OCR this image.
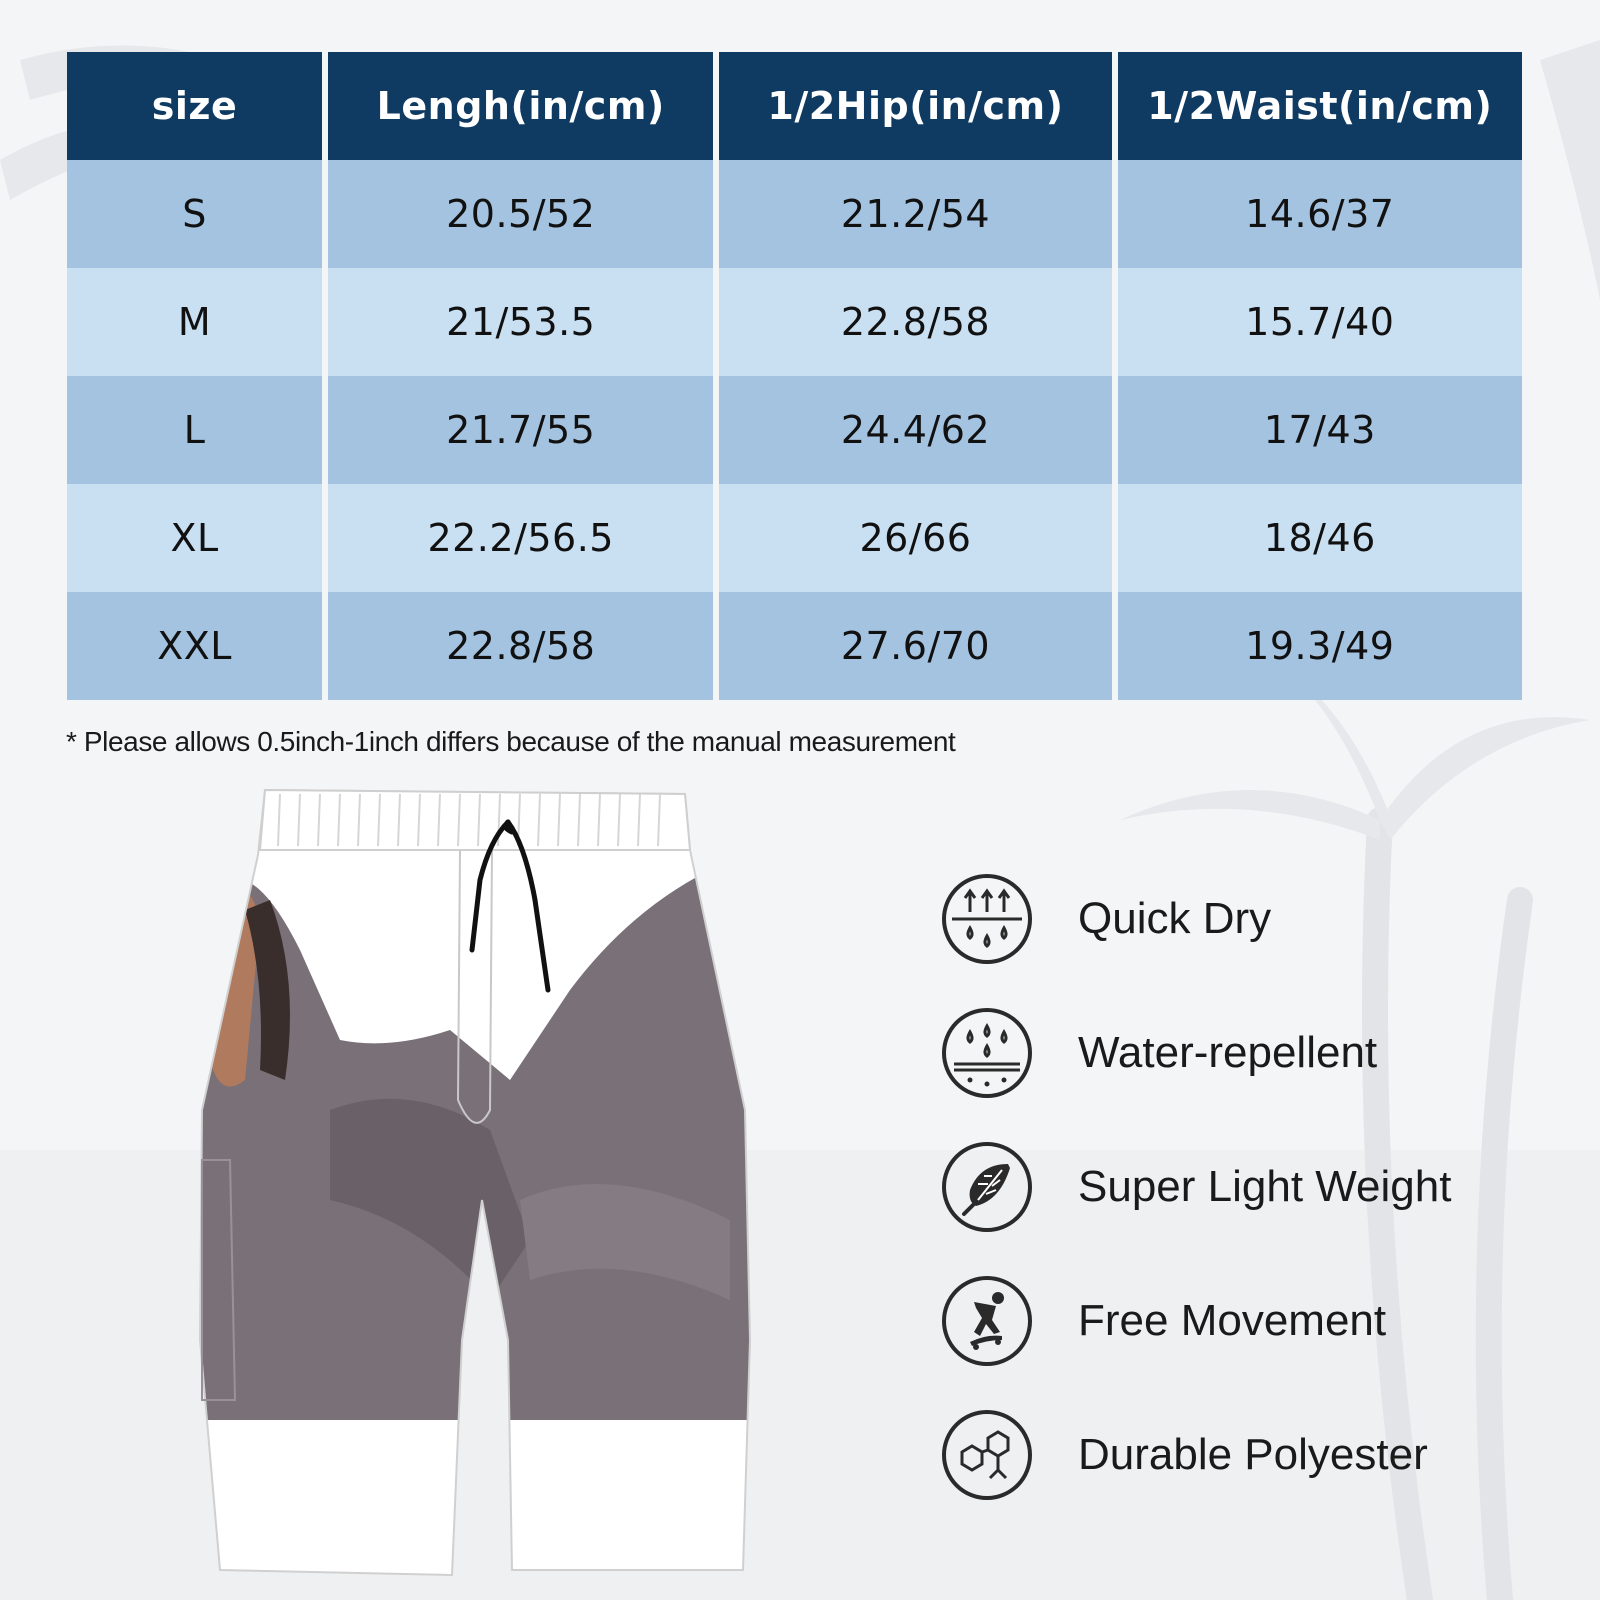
size	Lengh(in/cm)	1/2Hip(in/cm)	1/2Waist(in/cm)
S	20.5/52	21.2/54	14.6/37
M	21/53.5	22.8/58	15.7/40
L	21.7/55	24.4/62	17/43
XL	22.2/56.5	26/66	18/46
XXL	22.8/58	27.6/70	19.3/49
* Please allows 0.5inch-1inch differs because of the manual measurement
Quick Dry
Water-repellent
Super Light Weight
Free Movement
Durable Polyester
